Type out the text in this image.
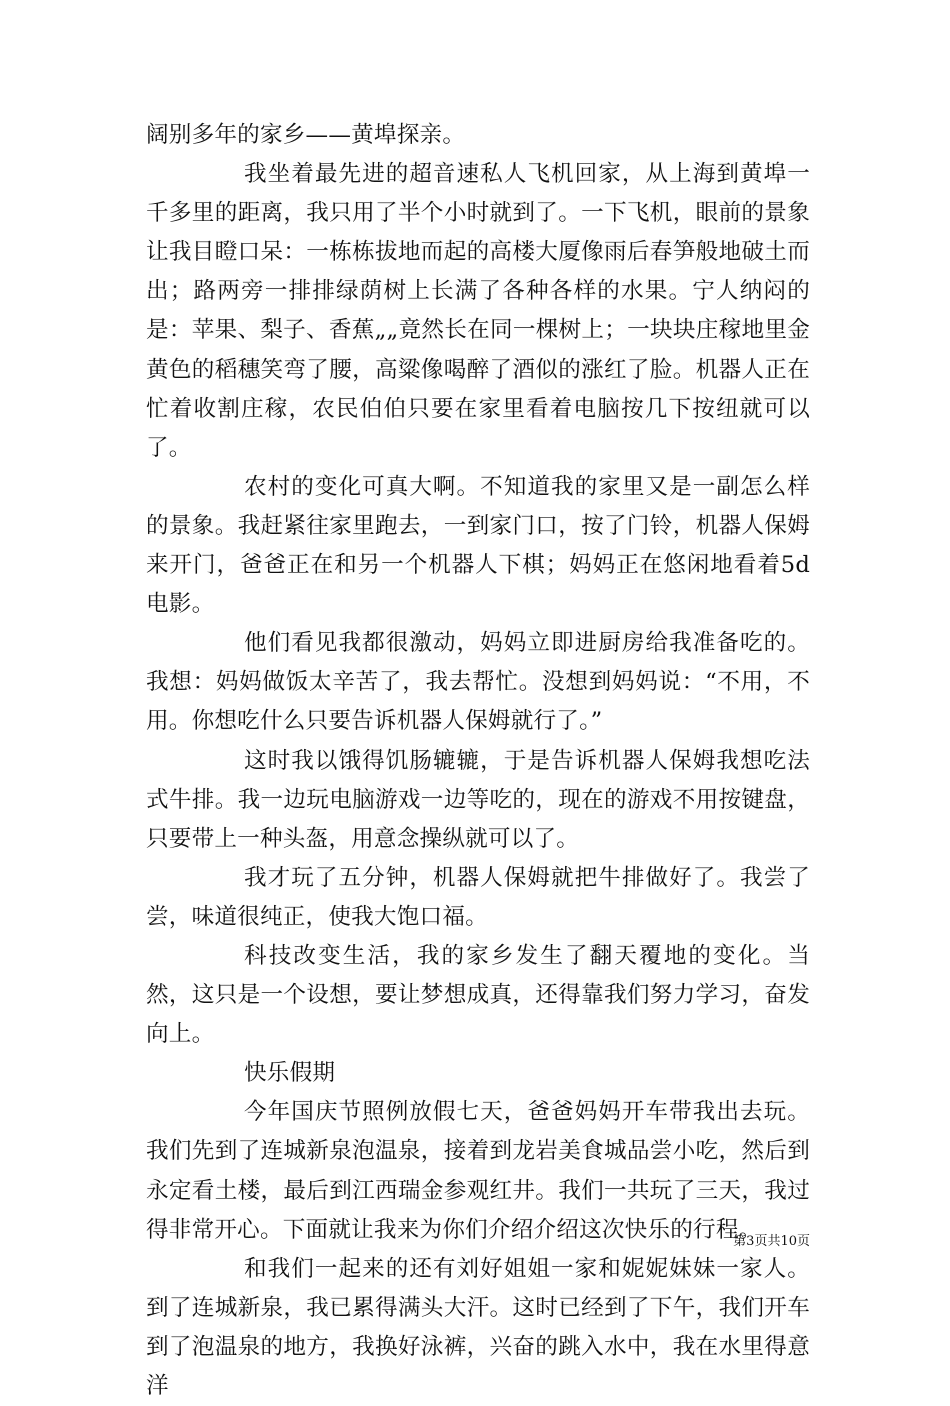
阔别多年的家乡——黄埠探亲。

我坐着最先进的超音速私人飞机回家，从上海到黄埠一千多里的距离，我只用了半个小时就到了。一下飞机，眼前的景象让我目瞪口呆：一栋栋拔地而起的高楼大厦像雨后春笋般地破土而出；路两旁一排排绿荫树上长满了各种各样的水果。宁人纳闷的是：苹果、梨子、香蕉„„竟然长在同一棵树上；一块块庄稼地里金黄色的稻穗笑弯了腰，高粱像喝醉了酒似的涨红了脸。机器人正在忙着收割庄稼，农民伯伯只要在家里看着电脑按几下按纽就可以了。

农村的变化可真大啊。不知道我的家里又是一副怎么样的景象。我赶紧往家里跑去，一到家门口，按了门铃，机器人保姆来开门，爸爸正在和另一个机器人下棋；妈妈正在悠闲地看着5d电影。

他们看见我都很激动，妈妈立即进厨房给我准备吃的。我想：妈妈做饭太辛苦了，我去帮忙。没想到妈妈说：“不用，不用。你想吃什么只要告诉机器人保姆就行了。”

这时我以饿得饥肠辘辘，于是告诉机器人保姆我想吃法式牛排。我一边玩电脑游戏一边等吃的，现在的游戏不用按键盘，只要带上一种头盔，用意念操纵就可以了。

我才玩了五分钟，机器人保姆就把牛排做好了。我尝了尝，味道很纯正，使我大饱口福。

科技改变生活，我的家乡发生了翻天覆地的变化。当然，这只是一个设想，要让梦想成真，还得靠我们努力学习，奋发向上。

快乐假期

今年国庆节照例放假七天，爸爸妈妈开车带我出去玩。我们先到了连城新泉泡温泉，接着到龙岩美食城品尝小吃，然后到永定看土楼，最后到江西瑞金参观红井。我们一共玩了三天，我过得非常开心。下面就让我来为你们介绍介绍这次快乐的行程。

和我们一起来的还有刘好姐姐一家和妮妮妹妹一家人。到了连城新泉，我已累得满头大汗。这时已经到了下午，我们开车到了泡温泉的地方，我换好泳裤，兴奋的跳入水中，我在水里得意洋

第3页共10页
